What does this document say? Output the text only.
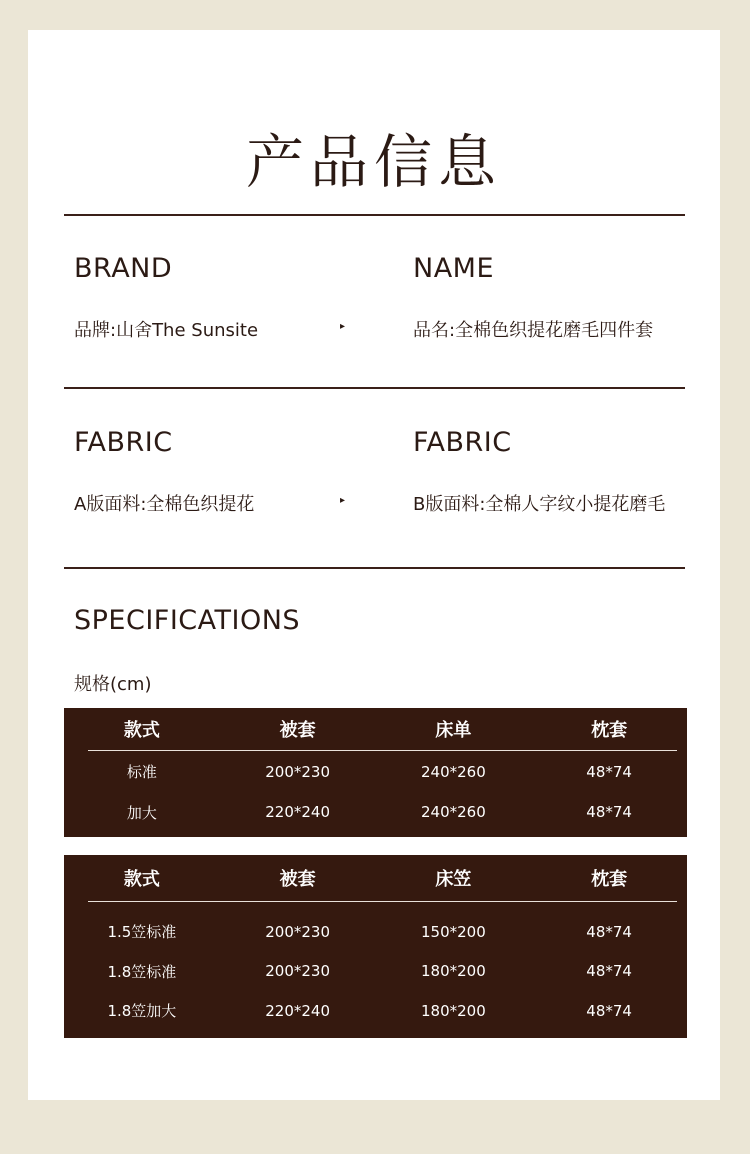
产品信息
BRAND
品牌:山舍The Sunsite	▸
NAME
品名:全棉色织提花磨毛四件套
FABRIC
A版面料:全棉色织提花	▸
FABRIC
B版面料:全棉人字纹小提花磨毛
SPECIFICATIONS
规格(cm)
款式	被套	床单	枕套

标准	200*230	240*260	48*74
加大	220*240	240*260	48*74

款式	被套	床笠	枕套

1.5笠标准	200*230	150*200	48*74
1.8笠标准	200*230	180*200	48*74
1.8笠加大	220*240	180*200	48*74
